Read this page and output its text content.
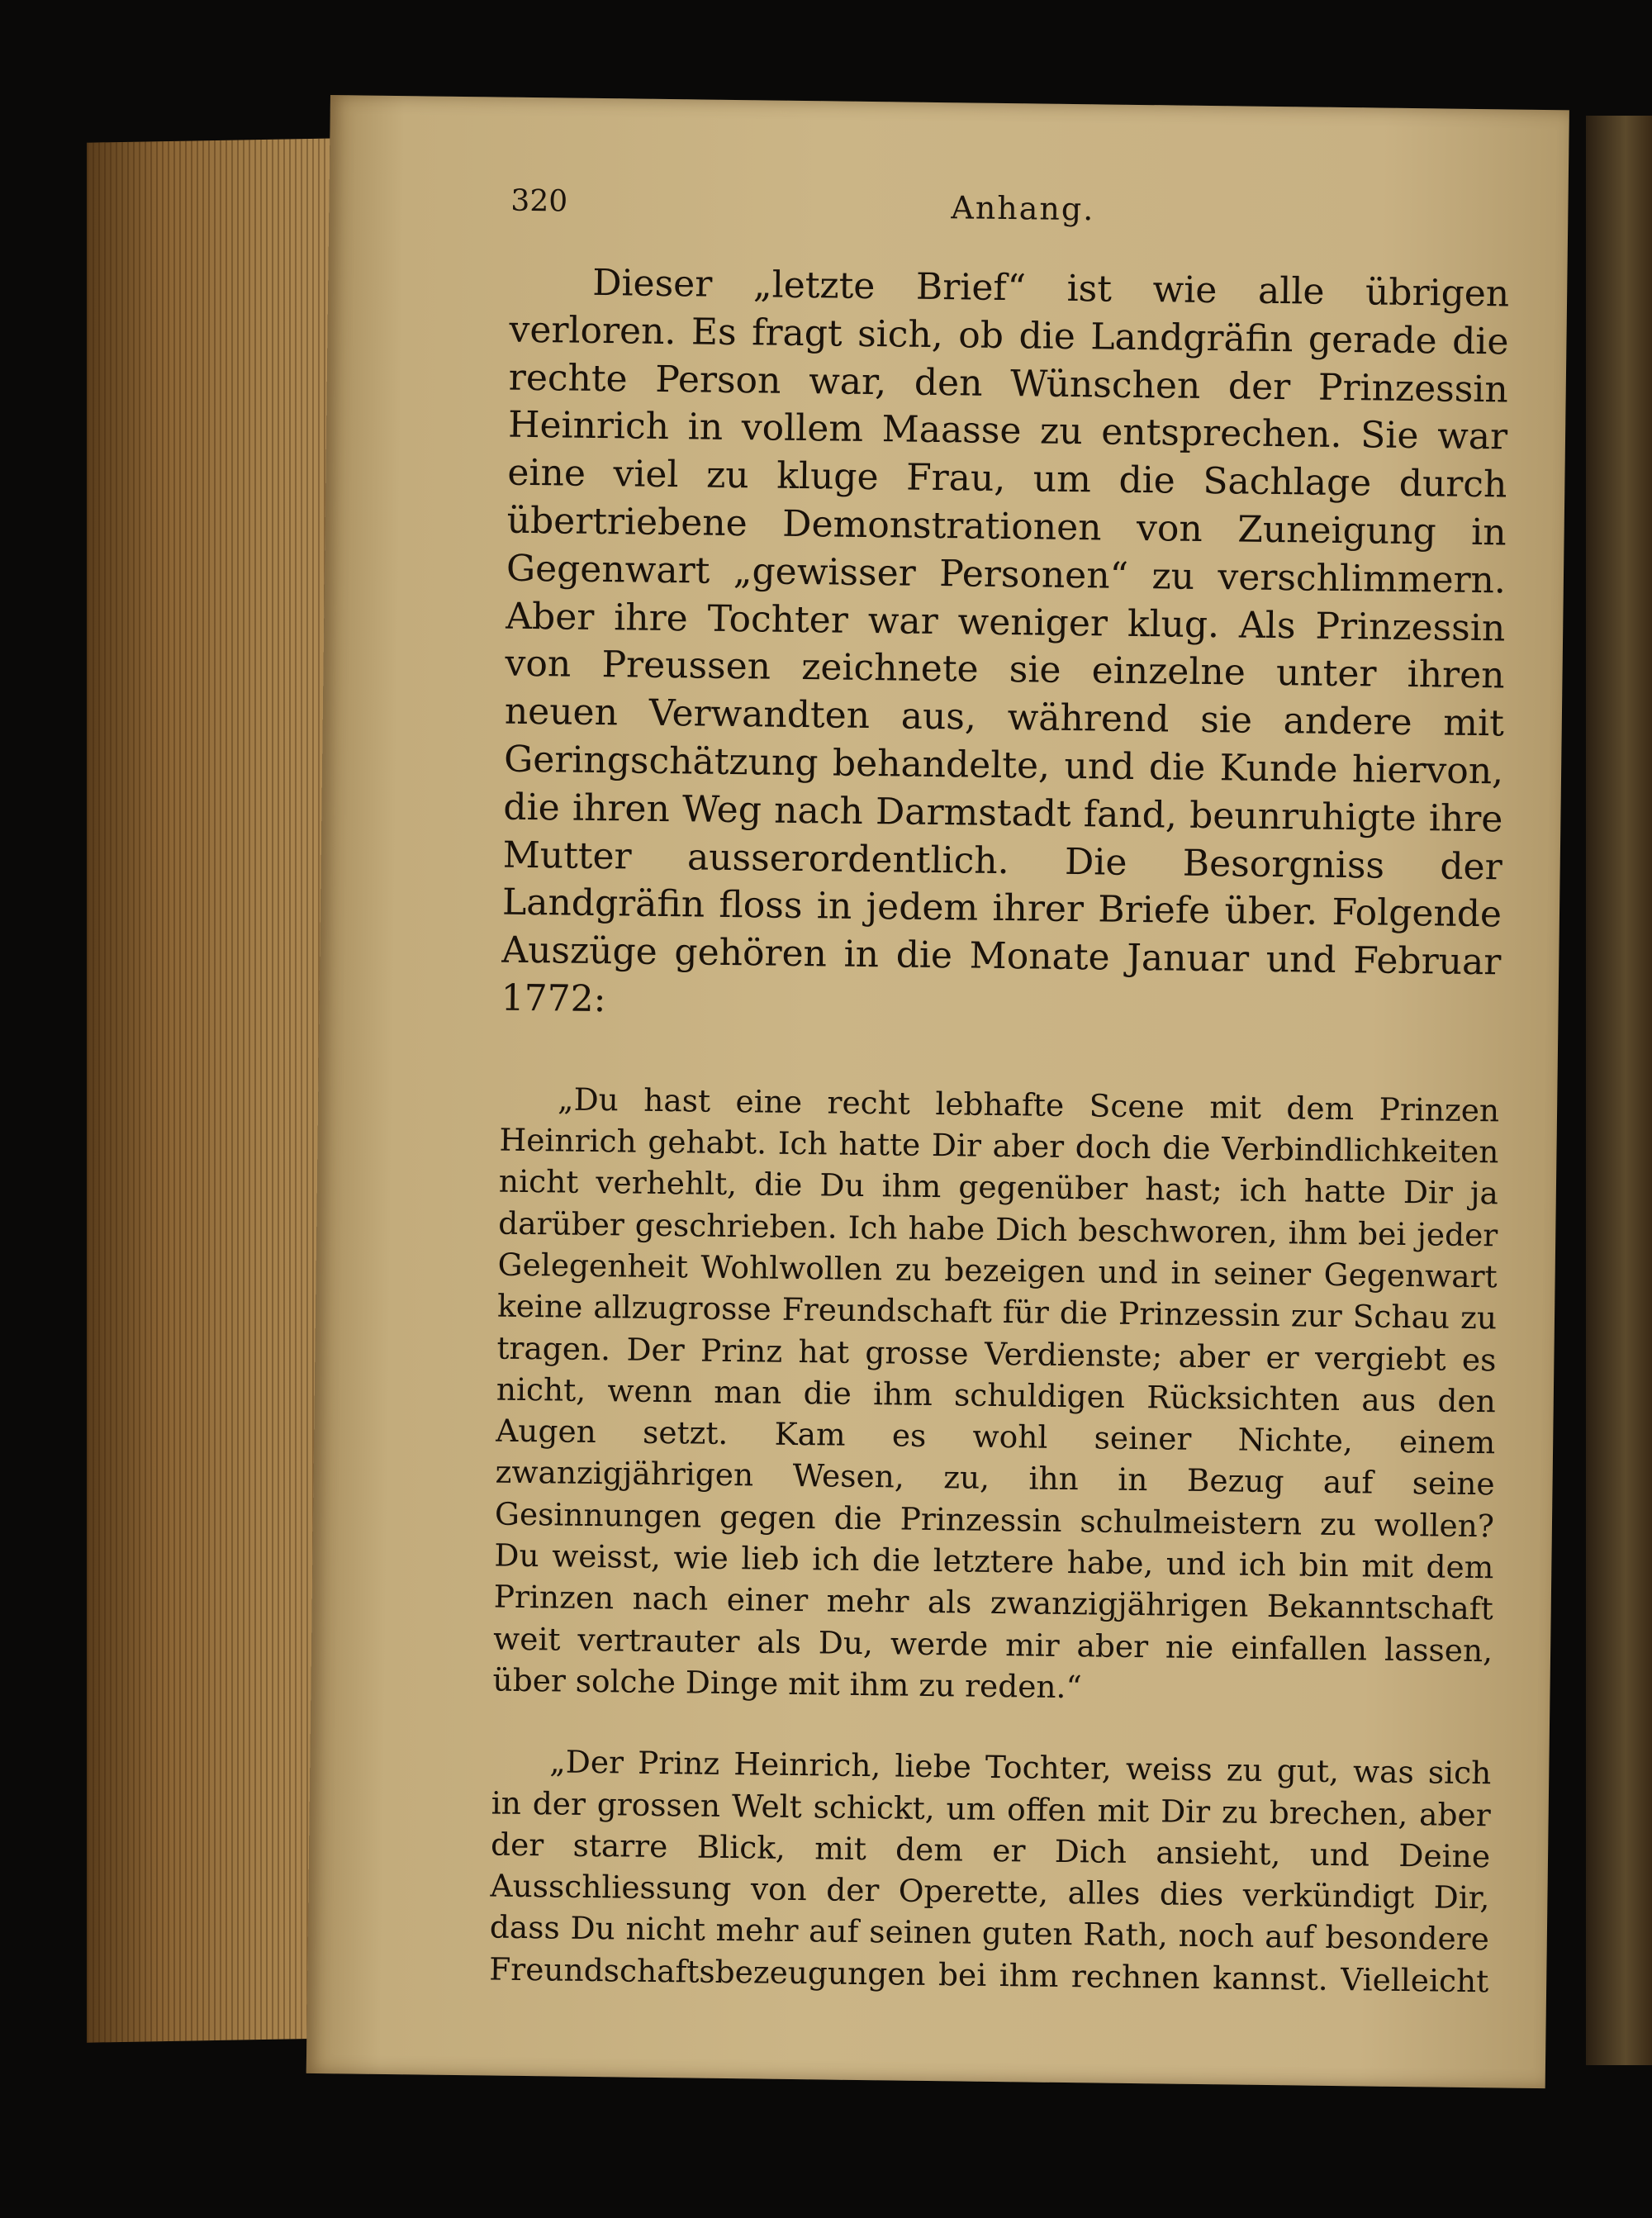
320	Anhang.

Dieser „letzte Brief“ ist wie alle übrigen verloren. Es fragt sich, ob die Landgräfin gerade die rechte Person war, den Wünschen der Prinzessin Heinrich in vollem Maasse zu entsprechen. Sie war eine viel zu kluge Frau, um die Sachlage durch übertriebene Demonstrationen von Zuneigung in Gegenwart „gewisser Personen“ zu verschlimmern. Aber ihre Tochter war weniger klug. Als Prinzessin von Preussen zeichnete sie einzelne unter ihren neuen Verwandten aus, während sie andere mit Geringschätzung behandelte, und die Kunde hiervon, die ihren Weg nach Darmstadt fand, beunruhigte ihre Mutter ausserordentlich. Die Besorgniss der Landgräfin floss in jedem ihrer Briefe über. Folgende Auszüge gehören in die Monate Januar und Februar 1772:

„Du hast eine recht lebhafte Scene mit dem Prinzen Heinrich gehabt. Ich hatte Dir aber doch die Verbindlichkeiten nicht verhehlt, die Du ihm gegenüber hast; ich hatte Dir ja darüber geschrieben. Ich habe Dich beschworen, ihm bei jeder Gelegenheit Wohlwollen zu bezeigen und in seiner Gegenwart keine allzugrosse Freundschaft für die Prinzessin zur Schau zu tragen. Der Prinz hat grosse Verdienste; aber er vergiebt es nicht, wenn man die ihm schuldigen Rücksichten aus den Augen setzt. Kam es wohl seiner Nichte, einem zwanzigjährigen Wesen, zu, ihn in Bezug auf seine Gesinnungen gegen die Prinzessin schulmeistern zu wollen? Du weisst, wie lieb ich die letztere habe, und ich bin mit dem Prinzen nach einer mehr als zwanzigjährigen Bekanntschaft weit vertrauter als Du, werde mir aber nie einfallen lassen, über solche Dinge mit ihm zu reden.“

„Der Prinz Heinrich, liebe Tochter, weiss zu gut, was sich in der grossen Welt schickt, um offen mit Dir zu brechen, aber der starre Blick, mit dem er Dich ansieht, und Deine Ausschliessung von der Operette, alles dies verkündigt Dir, dass Du nicht mehr auf seinen guten Rath, noch auf besondere Freundschaftsbezeugungen bei ihm rechnen kannst. Vielleicht
